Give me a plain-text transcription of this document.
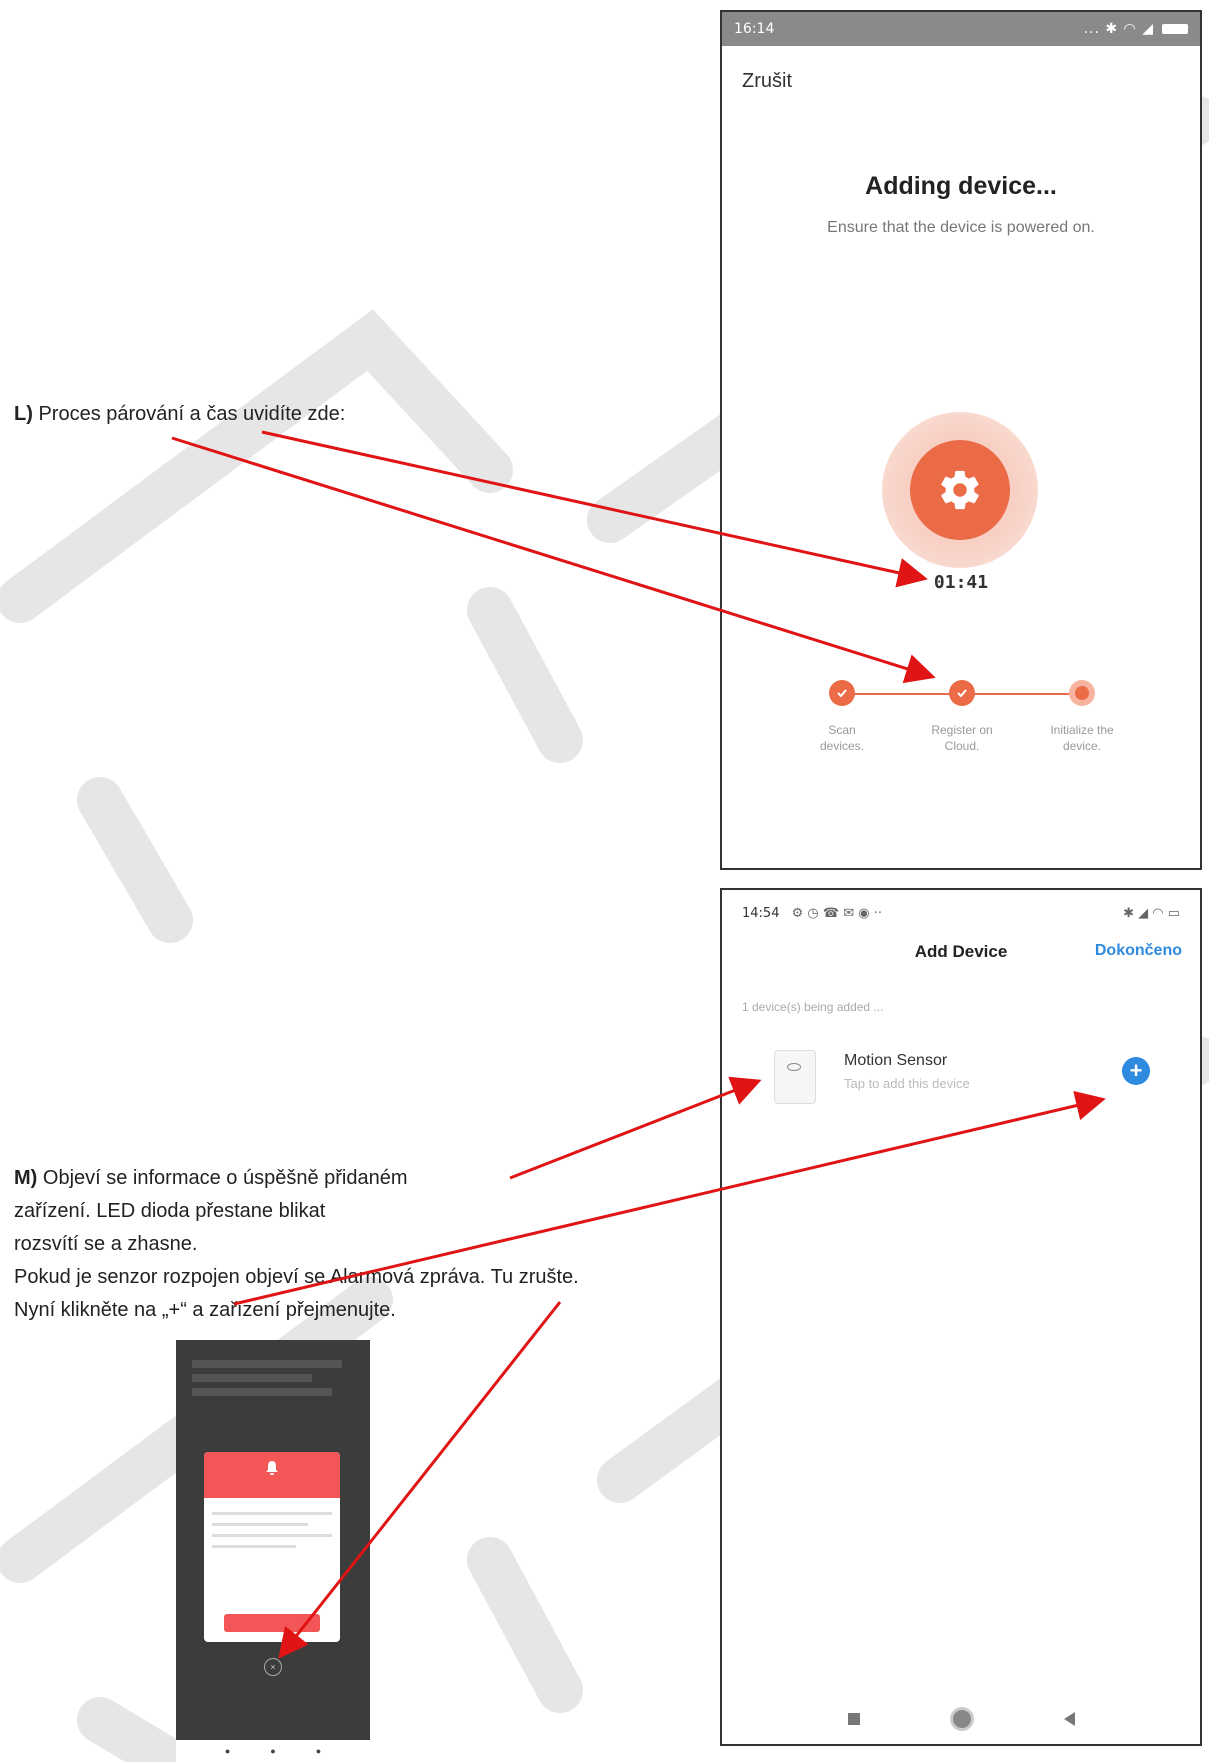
16:14	... ✱ ◠ ◢
Zrušit
Adding device...
Ensure that the device is powered on.
01:41
Scan
devices.
Register on
Cloud.
Initialize the
device.
14:54 ⚙ ◷ ☎ ✉ ◉ ··	✱ ◢ ◠ ▭
Add Device	Dokončeno
1 device(s) being added ...
Motion Sensor
Tap to add this device
+
L) Proces párování a čas uvidíte zde:
M) Objeví se informace o úspěšně přidaném
zařízení. LED dioda přestane blikat
rozsvítí se a zhasne.
Pokud je senzor rozpojen objeví se Alarmová zpráva. Tu zrušte.
Nyní klikněte na „+“ a zařízení přejmenujte.
×
●	●	●
